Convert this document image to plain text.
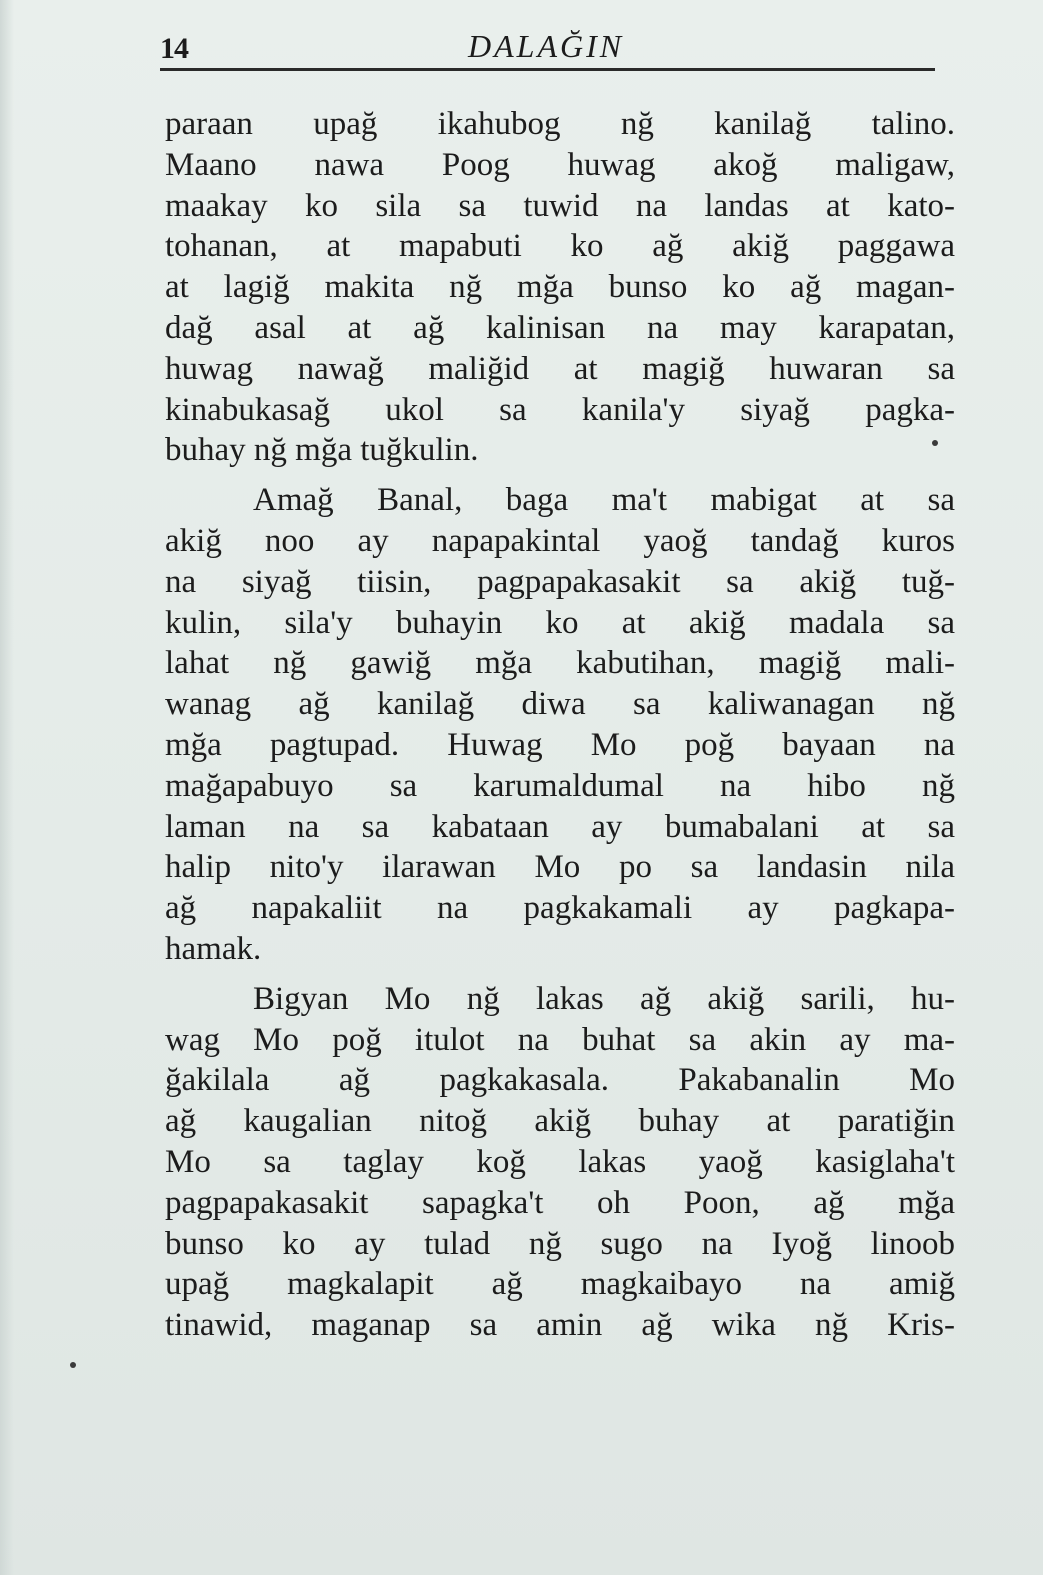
14	DALAĞIN

paraan upağ ikahubog nğ kanilağ talino.
Maano nawa Poog huwag akoğ maligaw,
maakay ko sila sa tuwid na landas at kato-
tohanan, at mapabuti ko ağ akiğ paggawa
at lagiğ makita nğ mğa bunso ko ağ magan-
dağ asal at ağ kalinisan na may karapatan,
huwag nawağ maliğid at magiğ huwaran sa
kinabukasağ ukol sa kanila'y siyağ pagka-
buhay nğ mğa tuğkulin.

Amağ Banal, baga ma't mabigat at sa
akiğ noo ay napapakintal yaoğ tandağ kuros
na siyağ tiisin, pagpapakasakit sa akiğ tuğ-
kulin, sila'y buhayin ko at akiğ madala sa
lahat nğ gawiğ mğa kabutihan, magiğ mali-
wanag ağ kanilağ diwa sa kaliwanagan nğ
mğa pagtupad. Huwag Mo poğ bayaan na
mağapabuyo sa karumaldumal na hibo nğ
laman na sa kabataan ay bumabalani at sa
halip nito'y ilarawan Mo po sa landasin nila
ağ napakaliit na pagkakamali ay pagkapa-
hamak.

Bigyan Mo nğ lakas ağ akiğ sarili, hu-
wag Mo poğ itulot na buhat sa akin ay ma-
ğakilala ağ pagkakasala. Pakabanalin Mo
ağ kaugalian nitoğ akiğ buhay at paratiğin
Mo sa taglay koğ lakas yaoğ kasiglaha't
pagpapakasakit sapagka't oh Poon, ağ mğa
bunso ko ay tulad nğ sugo na Iyoğ linoob
upağ magkalapit ağ magkaibayo na amiğ
tinawid, maganap sa amin ağ wika nğ Kris-
